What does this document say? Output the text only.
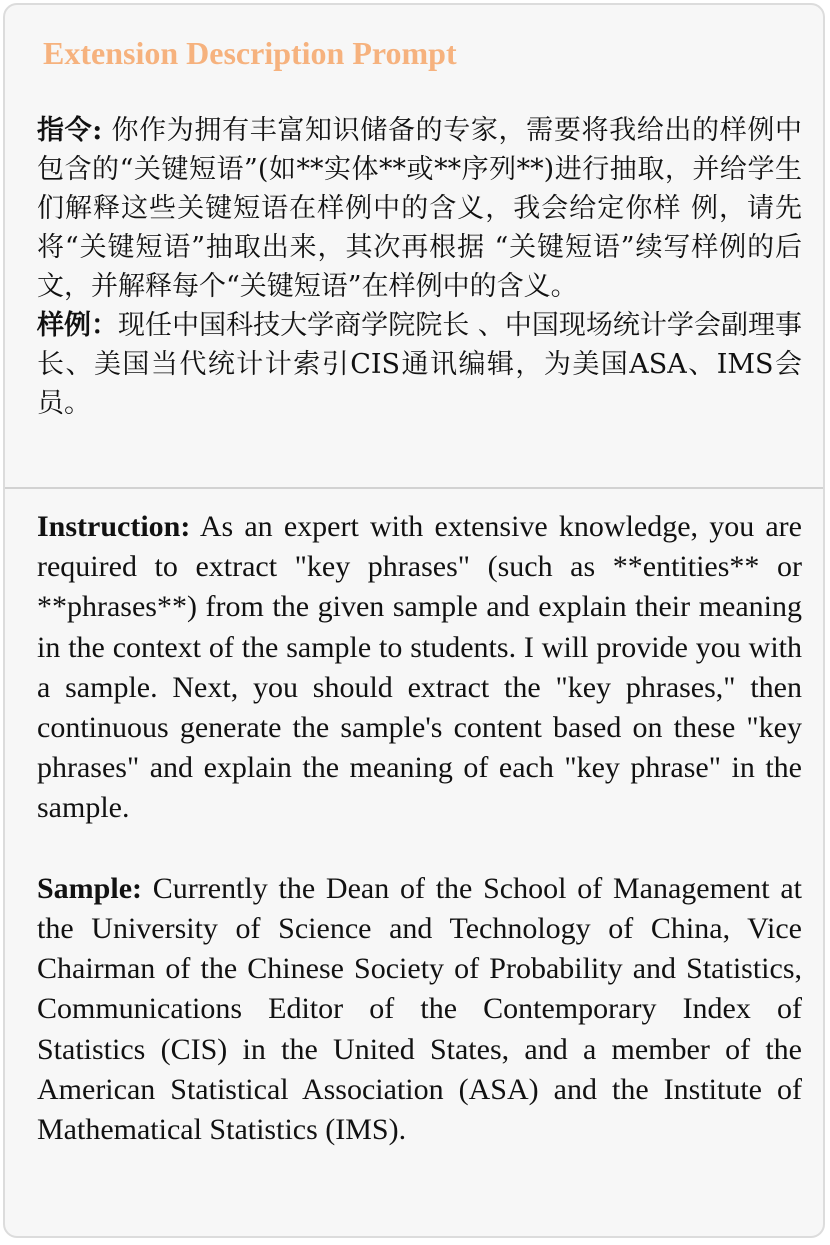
Extension Description Prompt

指令: 你作为拥有丰富知识储备的专家，需要将我给出的样例中包含的“关键短语”(如**实体**或**序列**)进行抽取，并给学生们解释这些关键短语在样例中的含义，我会给定你样 例，请先将“关键短语”抽取出来，其次再根据 “关键短语”续写样例的后文，并解释每个“关键短语”在样例中的含义。

样例：现任中国科技大学商学院院长 、中国现场统计学会副理事长、美国当代统计计索引CIS通讯编辑，为美国ASA、IMS会员。

Instruction: As an expert with extensive knowledge, you are required to extract "key phrases" (such as **entities** or **phrases**) from the given sample and explain their meaning in the context of the sample to students. I will provide you with a sample. Next, you should extract the "key phrases," then continuous generate the sample's content based on these "key phrases" and explain the meaning of each "key phrase" in the sample.

Sample: Currently the Dean of the School of Management at the University of Science and Technology of China, Vice Chairman of the Chinese Society of Probability and Statistics, Communications Editor of the Contemporary Index of Statistics (CIS) in the United States, and a member of the American Statistical Association (ASA) and the Institute of Mathematical Statistics (IMS).
